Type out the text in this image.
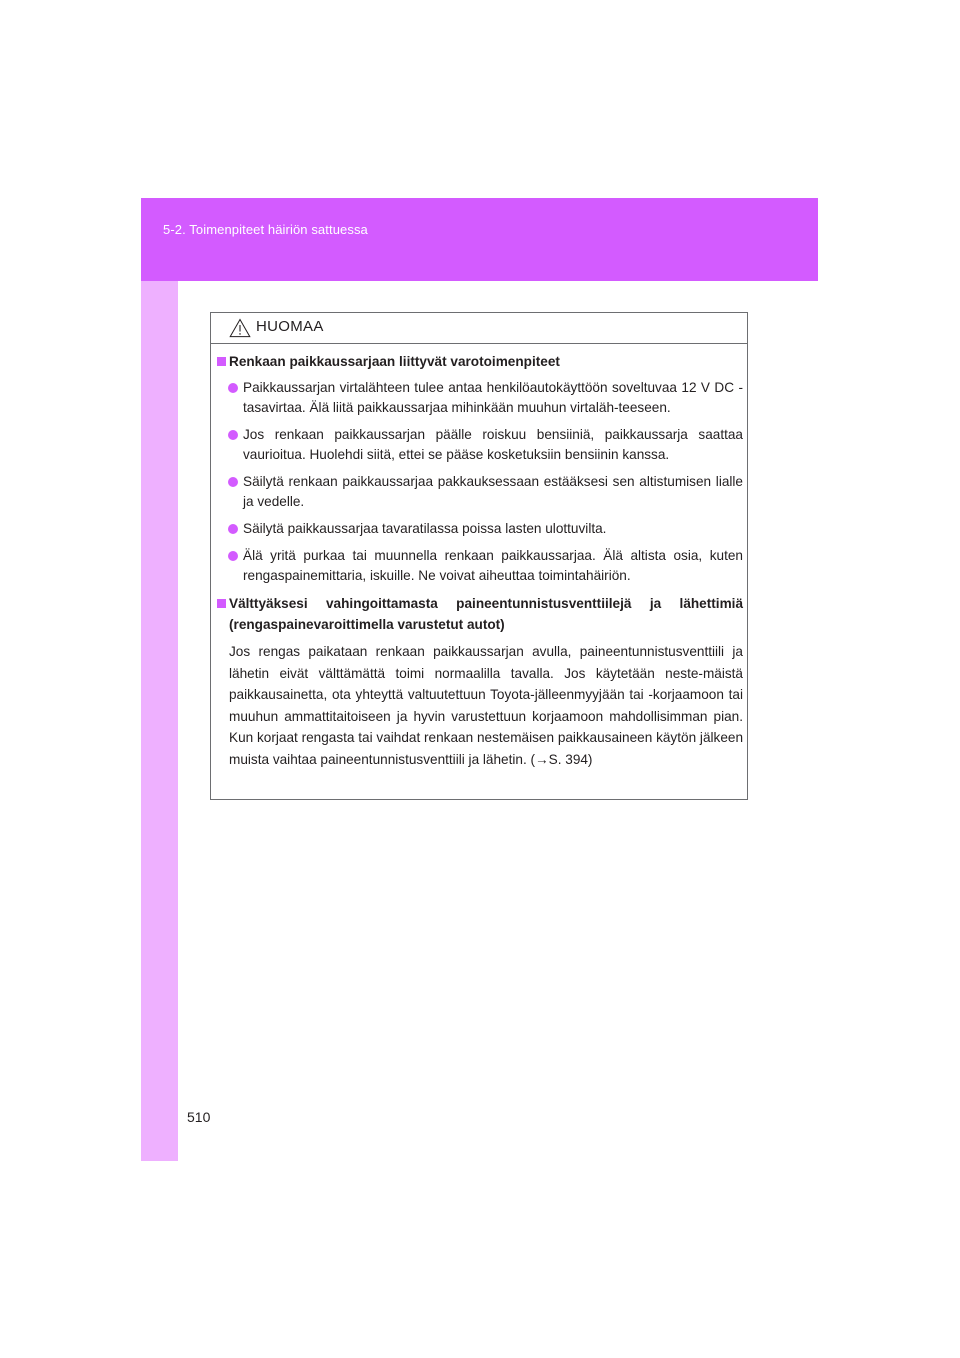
5-2. Toimenpiteet häiriön sattuessa
HUOMAA
Renkaan paikkaussarjaan liittyvät varotoimenpiteet
Paikkaussarjan virtalähteen tulee antaa henkilöautokäyttöön soveltuvaa 12 V DC -tasavirtaa. Älä liitä paikkaussarjaa mihinkään muuhun virtaläh-teeseen.
Jos renkaan paikkaussarjan päälle roiskuu bensiiniä, paikkaussarja saattaa vaurioitua. Huolehdi siitä, ettei se pääse kosketuksiin bensiinin kanssa.
Säilytä renkaan paikkaussarjaa pakkauksessaan estääksesi sen altistumisen lialle ja vedelle.
Säilytä paikkaussarjaa tavaratilassa poissa lasten ulottuvilta.
Älä yritä purkaa tai muunnella renkaan paikkaussarjaa. Älä altista osia, kuten rengaspainemittaria, iskuille. Ne voivat aiheuttaa toimintahäiriön.
Välttyäksesi vahingoittamasta paineentunnistusventtiilejä ja lähettimiä (rengaspainevaroittimella varustetut autot)
Jos rengas paikataan renkaan paikkaussarjan avulla, paineentunnistusventtiili ja lähetin eivät välttämättä toimi normaalilla tavalla. Jos käytetään neste-mäistä paikkausainetta, ota yhteyttä valtuutettuun Toyota-jälleenmyyjään tai -korjaamoon tai muuhun ammattitaitoiseen ja hyvin varustettuun korjaamoon mahdollisimman pian. Kun korjaat rengasta tai vaihdat renkaan nestemäisen paikkausaineen käytön jälkeen muista vaihtaa paineentunnistusventtiili ja lähetin. (→S. 394)
510
